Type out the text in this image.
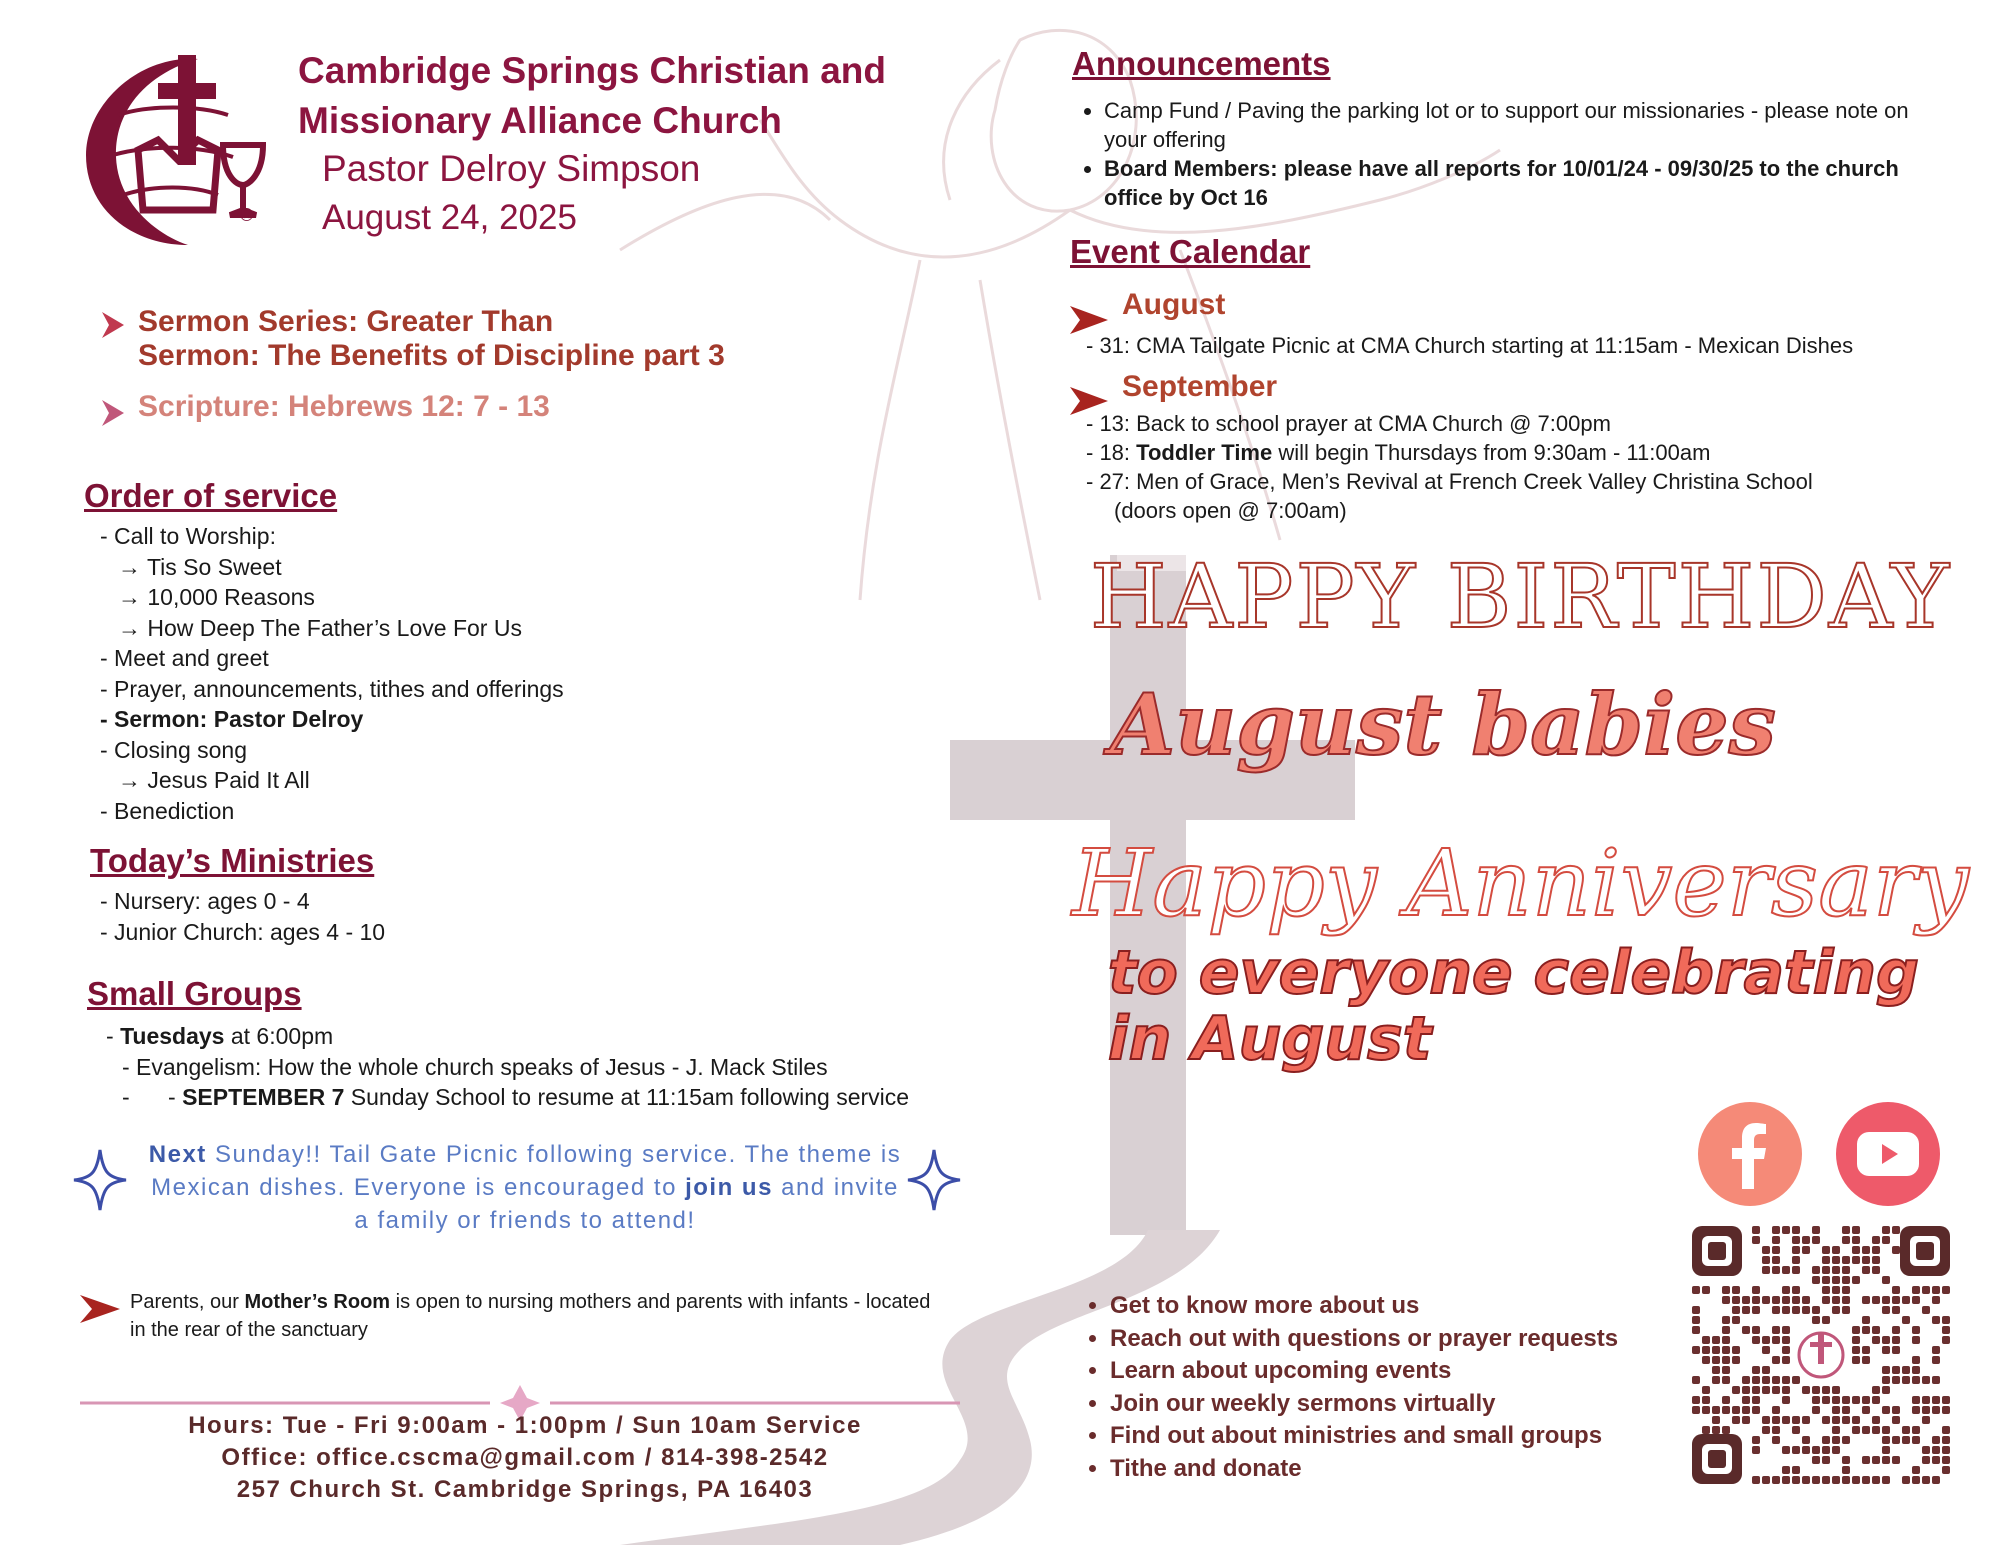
®
Cambridge Springs Christian and Missionary Alliance Church
Pastor Delroy Simpson
August 24, 2025
Sermon Series: Greater Than
Sermon: The Benefits of Discipline part 3
Scripture: Hebrews 12: 7 - 13
Order of service
- Call to Worship:
→ Tis So Sweet
→ 10,000 Reasons
→ How Deep The Father’s Love For Us
- Meet and greet
- Prayer, announcements, tithes and offerings
- Sermon: Pastor Delroy
- Closing song
→ Jesus Paid It All
- Benediction
Today’s Ministries
- Nursery: ages 0 - 4
- Junior Church: ages 4 - 10
Small Groups
- Tuesdays at 6:00pm
- Evangelism: How the whole church speaks of Jesus - J. Mack Stiles
-      - SEPTEMBER 7 Sunday School to resume at 11:15am following service
Next Sunday!! Tail Gate Picnic following service. The theme is Mexican dishes. Everyone is encouraged to join us and invite a family or friends to attend!
Parents, our Mother’s Room is open to nursing mothers and parents with infants - located in the rear of the sanctuary
Hours: Tue - Fri 9:00am - 1:00pm / Sun 10am Service
Office: office.cscma@gmail.com / 814-398-2542
257 Church St. Cambridge Springs, PA 16403
Announcements
• Camp Fund / Paving the parking lot or to support our missionaries - please note on your offering
• Board Members: please have all reports for 10/01/24 - 09/30/25 to the church office by Oct 16
Event Calendar
August
- 31: CMA Tailgate Picnic at CMA Church starting at 11:15am - Mexican Dishes
September
- 13: Back to school prayer at CMA Church @ 7:00pm
- 18: Toddler Time will begin Thursdays from 9:30am - 11:00am
- 27: Men of Grace, Men’s Revival at French Creek Valley Christina School
(doors open @ 7:00am)
HAPPY BIRTHDAY
August babies
Happy Anniversary
to everyone celebrating
in August
• Get to know more about us
• Reach out with questions or prayer requests
• Learn about upcoming events
• Join our weekly sermons virtually
• Find out about ministries and small groups
• Tithe and donate
